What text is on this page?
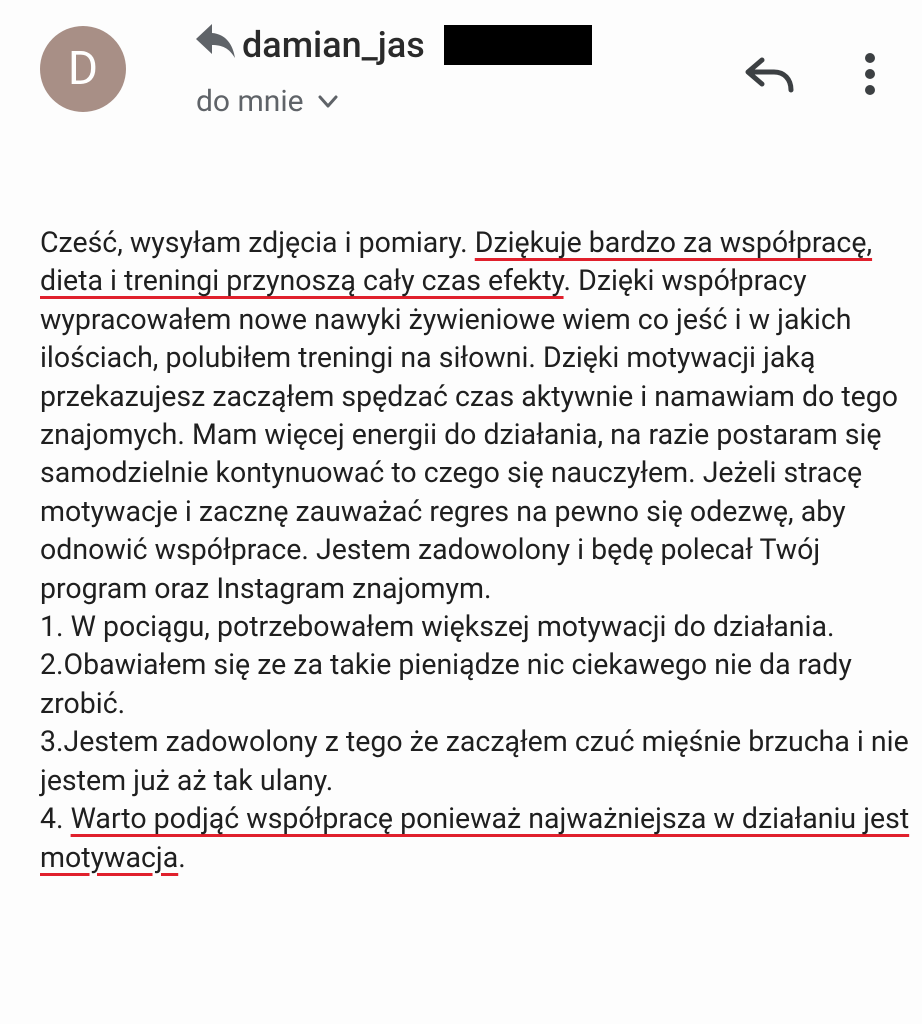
D	damian_jas
do mnie

Cześć, wysyłam zdjęcia i pomiary. Dziękuje bardzo za współpracę, dieta i treningi przynoszą cały czas efekty. Dzięki współpracy wypracowałem nowe nawyki żywieniowe wiem co jeść i w jakich ilościach, polubiłem treningi na siłowni. Dzięki motywacji jaką przekazujesz zacząłem spędzać czas aktywnie i namawiam do tego znajomych. Mam więcej energii do działania, na razie postaram się samodzielnie kontynuować to czego się nauczyłem. Jeżeli stracę motywacje i zacznę zauważać regres na pewno się odezwę, aby odnowić współprace. Jestem zadowolony i będę polecał Twój program oraz Instagram znajomym.

1. W pociągu, potrzebowałem większej motywacji do działania.

2.Obawiałem się ze za takie pieniądze nic ciekawego nie da rady zrobić.

3.Jestem zadowolony z tego że zacząłem czuć mięśnie brzucha i nie jestem już aż tak ulany.

4. Warto podjąć współpracę ponieważ najważniejsza w działaniu jest motywacja.
